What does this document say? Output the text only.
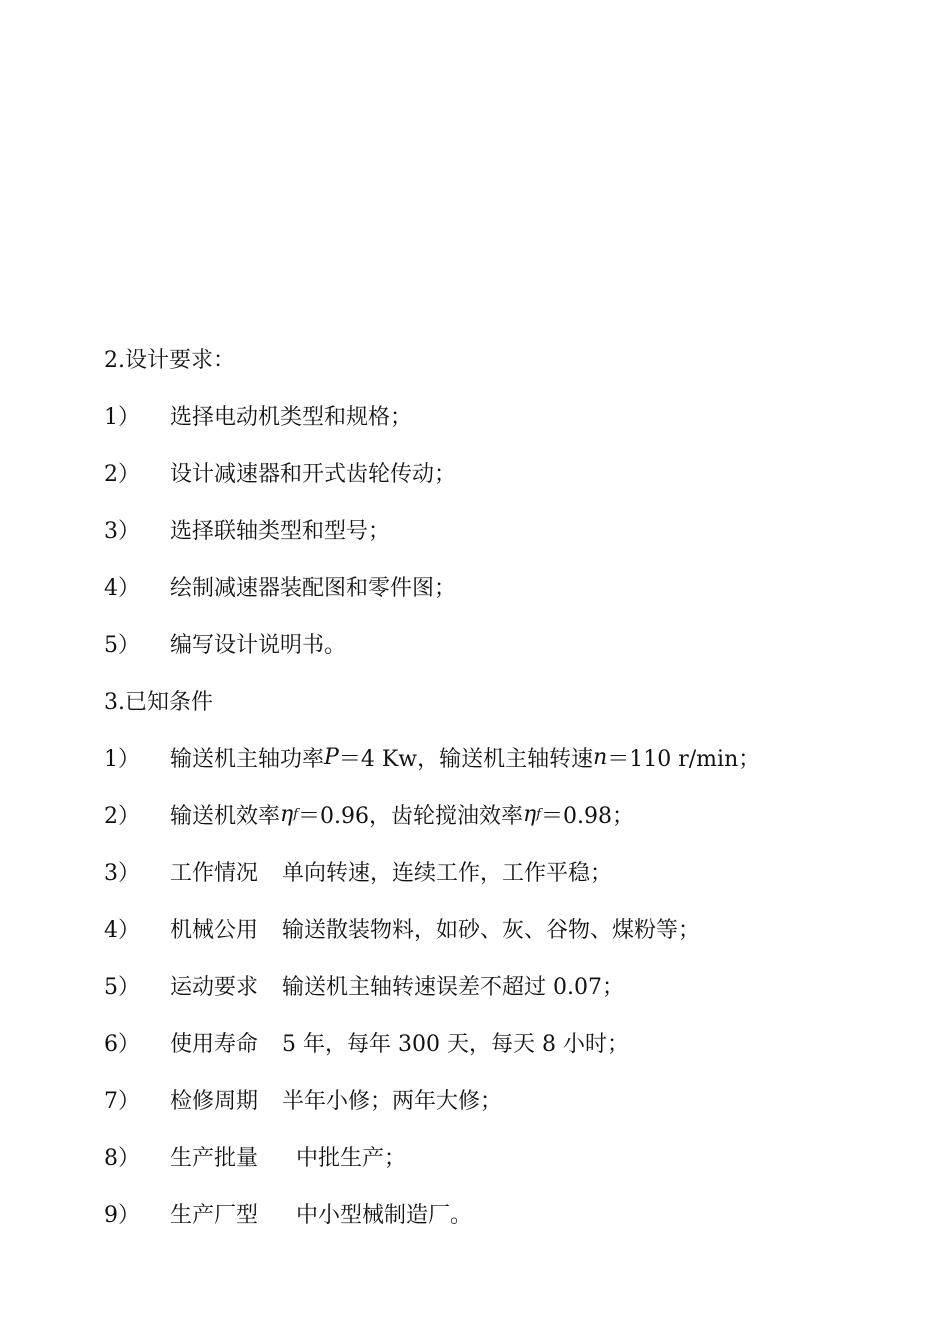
2.设计要求：
1）	选择电动机类型和规格；
2）	设计减速器和开式齿轮传动；
3）	选择联轴类型和型号；
4）	绘制减速器装配图和零件图；
5）	编写设计说明书。
3.已知条件
1）	输送机主轴功率 P ＝4 Kw，输送机主轴转速 n ＝110 r/min；
2）	输送机效率 η f ＝0.96，齿轮搅油效率 η f ＝0.98；
3）	工作情况 单向转速，连续工作，工作平稳；
4）	机械公用 输送散装物料，如砂、灰、谷物、煤粉等；
5）	运动要求 输送机主轴转速误差不超过 0.07；
6）	使用寿命 5 年，每年 300 天，每天 8 小时；
7）	检修周期 半年小修；两年大修；
8）	生产批量 中批生产；
9）	生产厂型 中小型械制造厂。
